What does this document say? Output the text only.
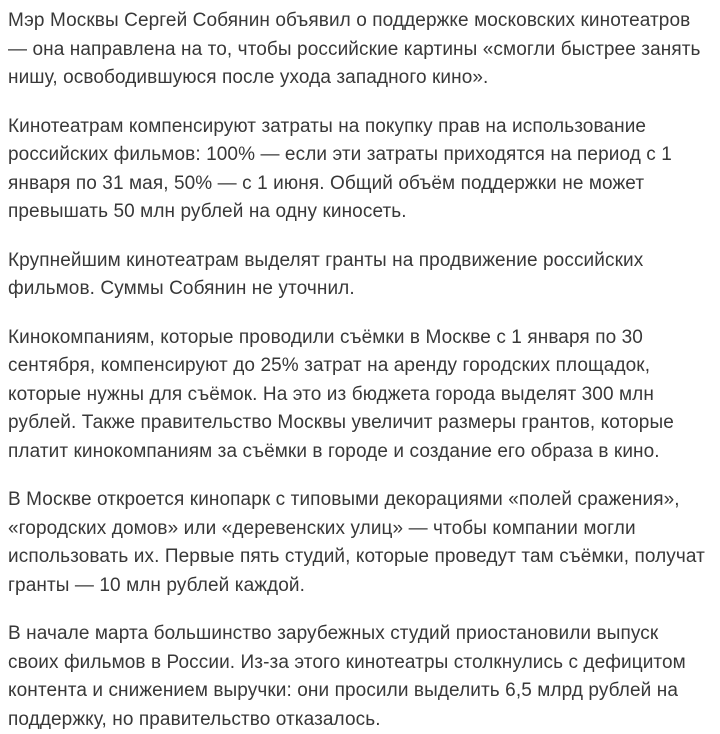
Мэр Москвы Сергей Собянин объявил о поддержке московских кинотеатров — она направлена на то, чтобы российские картины «смогли быстрее занять нишу, освободившуюся после ухода западного кино».

Кинотеатрам компенсируют затраты на покупку прав на использование российских фильмов: 100% — если эти затраты приходятся на период с 1 января по 31 мая, 50% — с 1 июня. Общий объём поддержки не может превышать 50 млн рублей на одну киносеть.

Крупнейшим кинотеатрам выделят гранты на продвижение российских фильмов. Суммы Собянин не уточнил.

Кинокомпаниям, которые проводили съёмки в Москве с 1 января по 30 сентября, компенсируют до 25% затрат на аренду городских площадок, которые нужны для съёмок. На это из бюджета города выделят 300 млн рублей. Также правительство Москвы увеличит размеры грантов, которые платит кинокомпаниям за съёмки в городе и создание его образа в кино.

В Москве откроется кинопарк с типовыми декорациями «полей сражения», «городских домов» или «деревенских улиц» — чтобы компании могли использовать их. Первые пять студий, которые проведут там съёмки, получат гранты — 10 млн рублей каждой.

В начале марта большинство зарубежных студий приостановили выпуск своих фильмов в России. Из-за этого кинотеатры столкнулись с дефицитом контента и снижением выручки: они просили выделить 6,5 млрд рублей на поддержку, но правительство отказалось.
